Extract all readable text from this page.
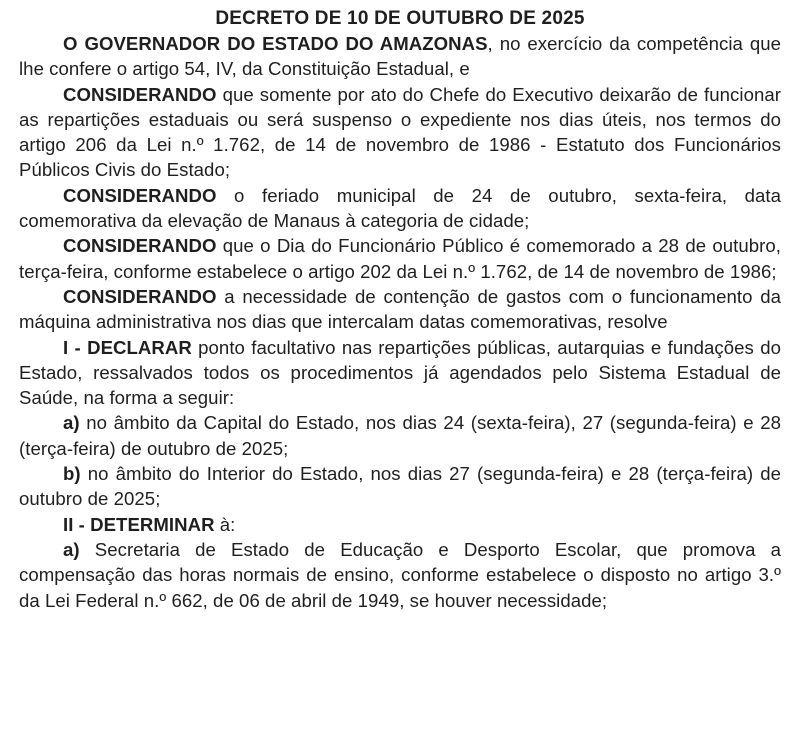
DECRETO DE 10 DE OUTUBRO DE 2025

O GOVERNADOR DO ESTADO DO AMAZONAS, no exercício da competência que lhe confere o artigo 54, IV, da Constituição Estadual, e

CONSIDERANDO que somente por ato do Chefe do Executivo deixarão de funcionar as repartições estaduais ou será suspenso o expediente nos dias úteis, nos termos do artigo 206 da Lei n.º 1.762, de 14 de novembro de 1986 - Estatuto dos Funcionários Públicos Civis do Estado;

CONSIDERANDO o feriado municipal de 24 de outubro, sexta-feira, data comemorativa da elevação de Manaus à categoria de cidade;

CONSIDERANDO que o Dia do Funcionário Público é comemorado a 28 de outubro, terça-feira, conforme estabelece o artigo 202 da Lei n.º 1.762, de 14 de novembro de 1986;

CONSIDERANDO a necessidade de contenção de gastos com o funcionamento da máquina administrativa nos dias que intercalam datas comemorativas, resolve

I - DECLARAR ponto facultativo nas repartições públicas, autarquias e fundações do Estado, ressalvados todos os procedimentos já agendados pelo Sistema Estadual de Saúde, na forma a seguir:

a) no âmbito da Capital do Estado, nos dias 24 (sexta-feira), 27 (segunda-feira) e 28 (terça-feira) de outubro de 2025;

b) no âmbito do Interior do Estado, nos dias 27 (segunda-feira) e 28 (terça-feira) de outubro de 2025;

II - DETERMINAR à:

a) Secretaria de Estado de Educação e Desporto Escolar, que promova a compensação das horas normais de ensino, conforme estabelece o disposto no artigo 3.º da Lei Federal n.º 662, de 06 de abril de 1949, se houver necessidade;
